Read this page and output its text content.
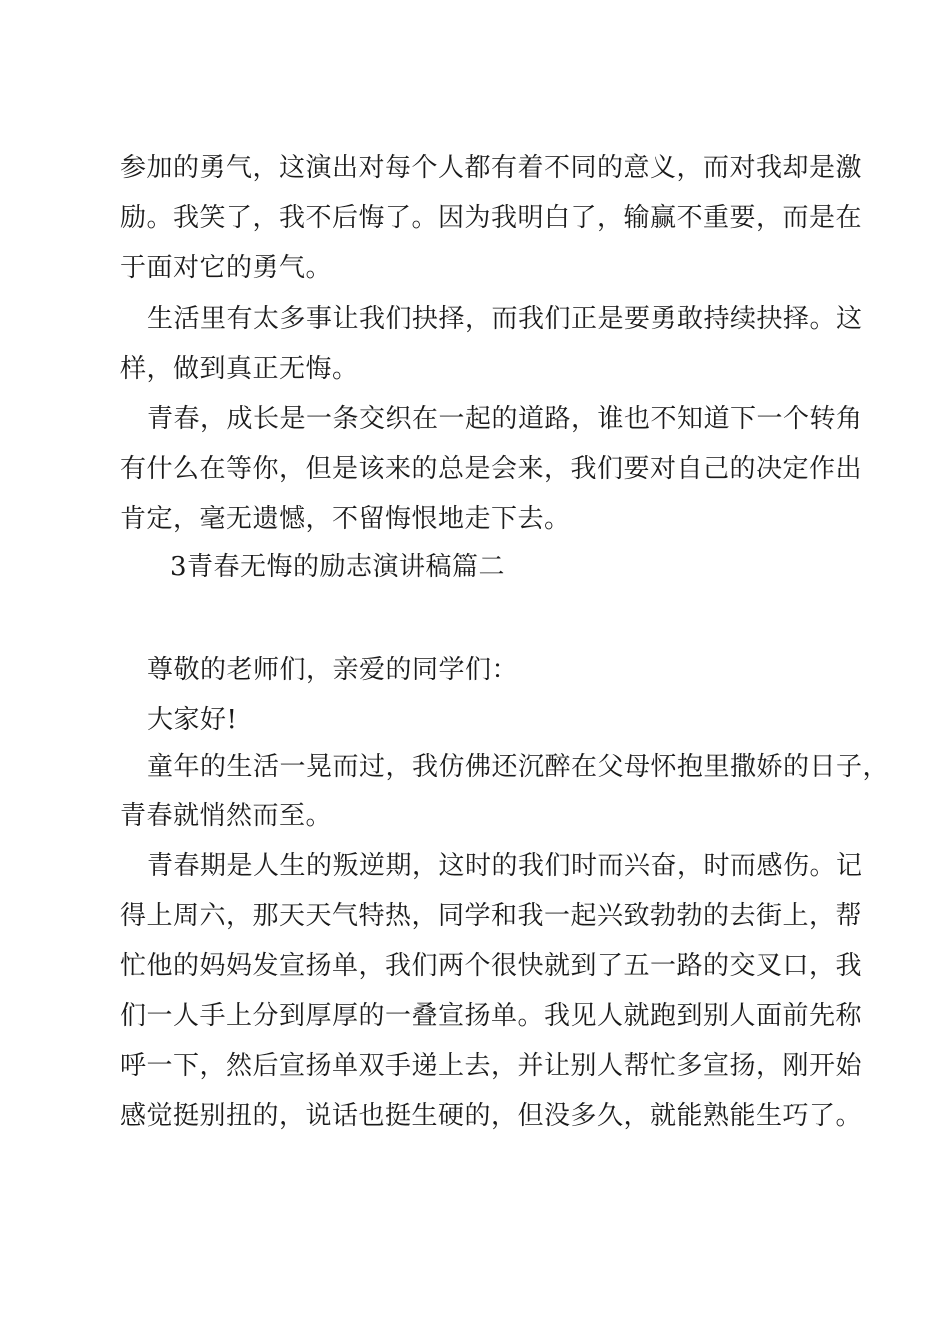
参加的勇气，这演出对每个人都有着不同的意义，而对我却是激
励。我笑了，我不后悔了。因为我明白了，输赢不重要，而是在
于面对它的勇气。
生活里有太多事让我们抉择，而我们正是要勇敢持续抉择。这
样，做到真正无悔。
青春，成长是一条交织在一起的道路，谁也不知道下一个转角
有什么在等你，但是该来的总是会来，我们要对自己的决定作出
肯定，毫无遗憾，不留悔恨地走下去。
3青春无悔的励志演讲稿篇二
尊敬的老师们，亲爱的同学们：
大家好!
童年的生活一晃而过，我仿佛还沉醉在父母怀抱里撒娇的日子，
青春就悄然而至。
青春期是人生的叛逆期，这时的我们时而兴奋，时而感伤。记
得上周六，那天天气特热，同学和我一起兴致勃勃的去街上，帮
忙他的妈妈发宣扬单，我们两个很快就到了五一路的交叉口，我
们一人手上分到厚厚的一叠宣扬单。我见人就跑到别人面前先称
呼一下，然后宣扬单双手递上去，并让别人帮忙多宣扬，刚开始
感觉挺别扭的，说话也挺生硬的，但没多久，就能熟能生巧了。
